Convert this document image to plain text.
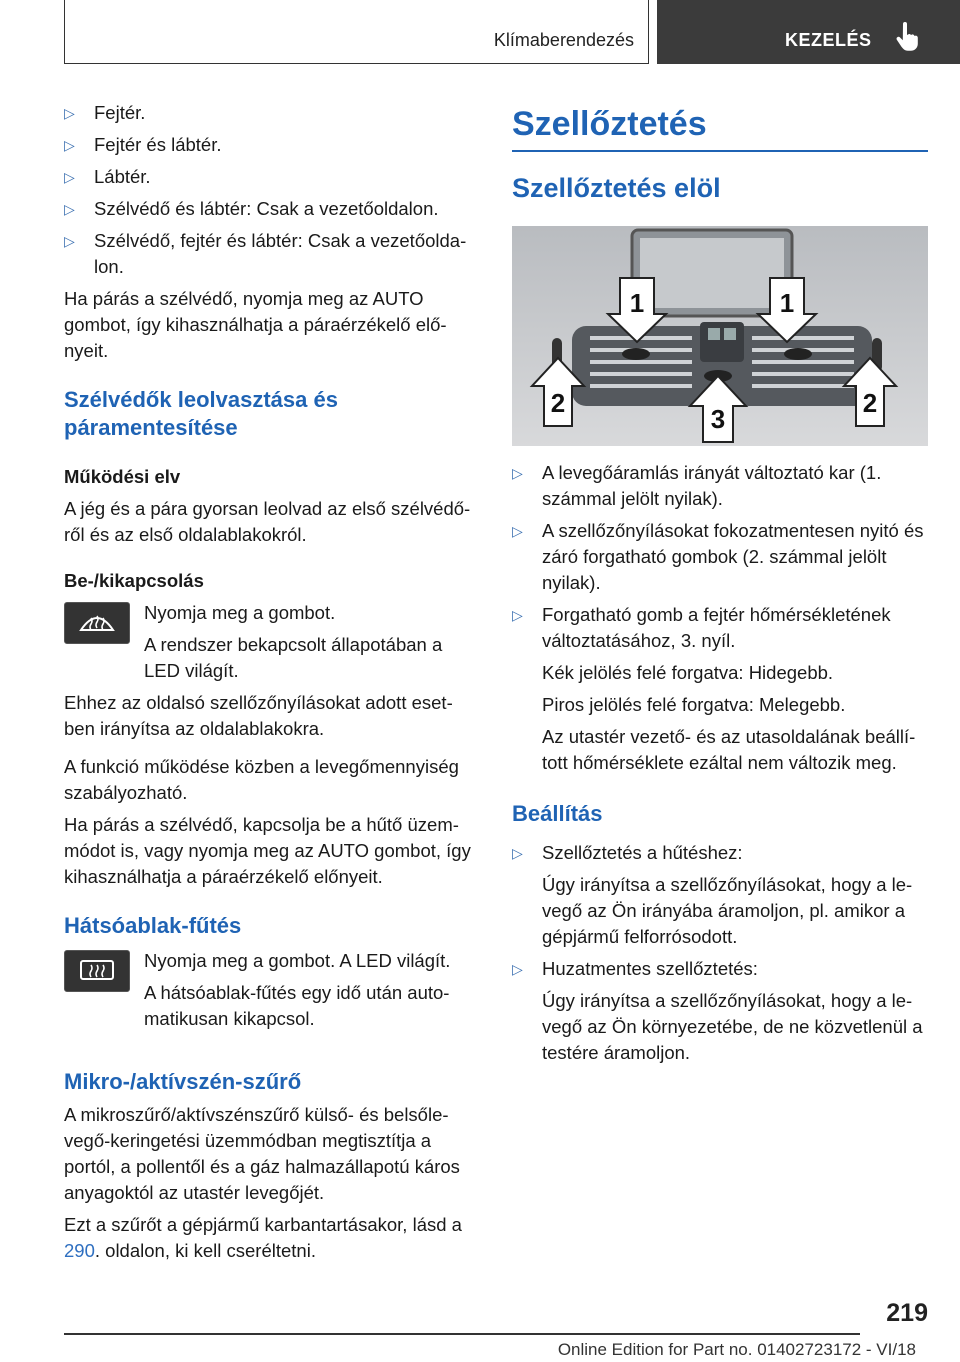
Klímaberendezés	KEZELÉS
▷	Fejtér.
▷	Fejtér és lábtér.
▷	Lábtér.
▷	Szélvédő és lábtér: Csak a vezetőoldalon.
▷	Szélvédő, fejtér és lábtér: Csak a vezetőolda-lon.

Ha párás a szélvédő, nyomja meg az AUTO gombot, így kihasználhatja a páraérzékelő elő-nyeit.

Szélvédők leolvasztása és páramentesítése
Működési elv

A jég és a pára gyorsan leolvad az első szélvédő-ről és az első oldalablakokról.

Be-/kikapcsolás

Nyomja meg a gombot.

A rendszer bekapcsolt állapotában a LED világít.

Ehhez az oldalsó szellőzőnyílásokat adott eset-ben irányítsa az oldalablakokra.

A funkció működése közben a levegőmennyiség szabályozható.

Ha párás a szélvédő, kapcsolja be a hűtő üzem-módot is, vagy nyomja meg az AUTO gombot, így kihasználhatja a páraérzékelő előnyeit.

Hátsóablak-fűtés

Nyomja meg a gombot. A LED világít.

A hátsóablak-fűtés egy idő után auto-matikusan kikapcsol.

Mikro-/aktívszén-szűrő

A mikroszűrő/aktívszénszűrő külső- és belsőle-vegő-keringetési üzemmódban megtisztítja a portól, a pollentől és a gáz halmazállapotú káros anyagoktól az utastér levegőjét.

Ezt a szűrőt a gépjármű karbantartásakor, lásd a 290. oldalon, ki kell cseréltetni.

Szellőztetés
Szellőztetés elöl
1	1
2
3
2
▷	A levegőáramlás irányát változtató kar (1. számmal jelölt nyilak).
▷	A szellőzőnyílásokat fokozatmentesen nyitó és záró forgatható gombok (2. számmal jelölt nyilak).
▷	Forgatható gomb a fejtér hőmérsékletének változtatásához, 3. nyíl.

Kék jelölés felé forgatva: Hidegebb.

Piros jelölés felé forgatva: Melegebb.

Az utastér vezető- és az utasoldalának beállí-tott hőmérséklete ezáltal nem változik meg.

Beállítás
▷	Szellőztetés a hűtéshez:

Úgy irányítsa a szellőzőnyílásokat, hogy a le-vegő az Ön irányába áramoljon, pl. amikor a gépjármű felforrósodott.

▷	Huzatmentes szellőztetés:

Úgy irányítsa a szellőzőnyílásokat, hogy a le-vegő az Ön környezetébe, de ne közvetlenül a testére áramoljon.

219
Online Edition for Part no. 01402723172 - VI/18
